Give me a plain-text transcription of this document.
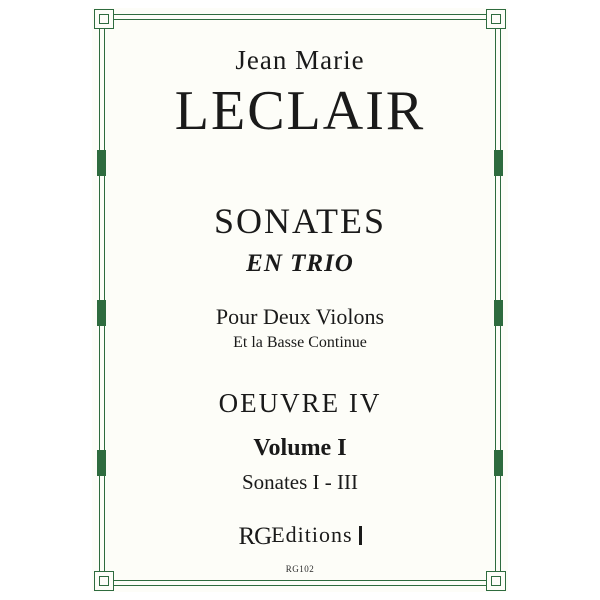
Jean Marie
LECLAIR
SONATES
EN TRIO
Pour Deux Violons
Et la Basse Continue
OEUVRE IV
Volume I
Sonates I - III
RGEditions
RG102
